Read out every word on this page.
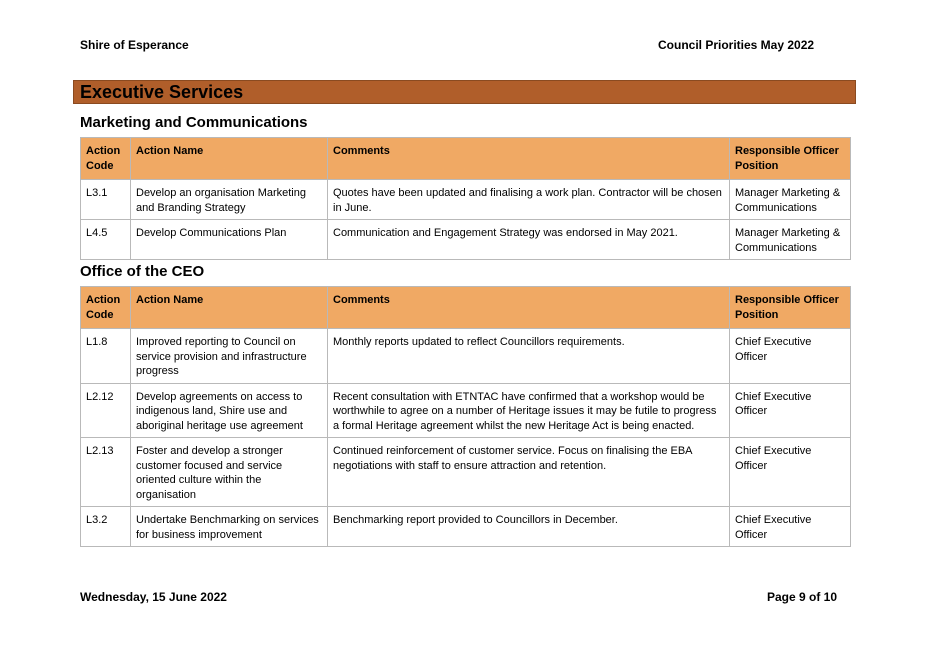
Shire of Esperance	Council Priorities May 2022
Executive Services
Marketing and Communications
Action Code	Action Name	Comments	Responsible Officer Position
L3.1	Develop an organisation Marketing and Branding Strategy	Quotes have been updated and finalising a work plan. Contractor will be chosen in June.	Manager Marketing & Communications
L4.5	Develop Communications Plan	Communication and Engagement Strategy was endorsed in May 2021.	Manager Marketing & Communications
Office of the CEO
Action Code	Action Name	Comments	Responsible Officer Position
L1.8	Improved reporting to Council on service provision and infrastructure progress	Monthly reports updated to reflect Councillors requirements.	Chief Executive Officer
L2.12	Develop agreements on access to indigenous land, Shire use and aboriginal heritage use agreement	Recent consultation with ETNTAC have confirmed that a workshop would be worthwhile to agree on a number of Heritage issues it may be futile to progress a formal Heritage agreement whilst the new Heritage Act is being enacted.	Chief Executive Officer
L2.13	Foster and develop a stronger customer focused and service oriented culture within the organisation	Continued reinforcement of customer service. Focus on finalising the EBA negotiations with staff to ensure attraction and retention.	Chief Executive Officer
L3.2	Undertake Benchmarking on services for business improvement	Benchmarking report provided to Councillors in December.	Chief Executive Officer
Wednesday, 15 June 2022	Page 9 of 10
